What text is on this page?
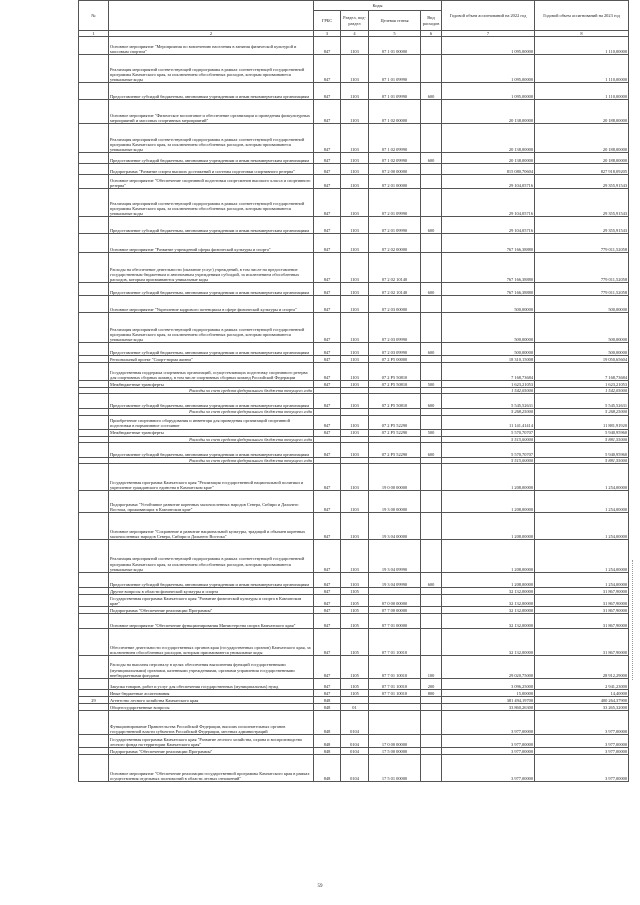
№		Коды				Годовой объем ассигнований на 2022 год	Годовой объем ассигнований на 2023 год
		ГРБС	Раздел, под-раздел	Целевая статья	Вид расходов		
1	2	3	4	5	6	7	8
	Основное мероприятие "Мероприятия по вовлечению населения в занятия физической культурой и массовым спортом"	847	1103	07 1 01 00000		1 095,00000	1 110,00000
	Реализация мероприятий соответствующей подпрограммы в рамках соответствующей государственной программы Камчатского края, за исключением обособленных расходов, которым присваиваются уникальные коды	847	1103	07 1 01 09990		1 095,00000	1 110,00000
	Предоставление субсидий бюджетным, автономным учреждениям и иным некоммерческим организациям	847	1103	07 1 01 09990	600	1 095,00000	1 110,00000
	Основное мероприятие "Физическое воспитание и обеспечение организации и проведения физкультурных мероприятий и массовых спортивных мероприятий"	847	1103	07 1 02 00000		20 138,00000	20 188,00000
	Реализация мероприятий соответствующей подпрограммы в рамках соответствующей государственной программы Камчатского края, за исключением обособленных расходов, которым присваиваются уникальные коды	847	1103	07 1 02 09990		20 138,00000	20 188,00000
	Предоставление субсидий бюджетным, автономным учреждениям и иным некоммерческим организациям	847	1103	07 1 02 09990	600	20 138,00000	20 188,00000
	Подпрограмма "Развитие спорта высших достижений и системы подготовки спортивного резерва"	847	1103	07 2 00 00000		815 080,70604	827 918,09205
	Основное мероприятие "Обеспечение спортивной подготовки спортсменов высокого класса и спортивного резерва"	847	1103	07 2 01 00000		29 104,05716	29 355,91543
	Реализация мероприятий соответствующей подпрограммы в рамках соответствующей государственной программы Камчатского края, за исключением обособленных расходов, которым присваиваются уникальные коды	847	1103	07 2 01 09990		29 104,05716	29 355,91543
	Предоставление субсидий бюджетным, автономным учреждениям и иным некоммерческим организациям	847	1103	07 2 01 09990	600	29 104,05716	29 355,91543
	Основное мероприятие "Развитие учреждений сферы физической культуры и спорта"	847	1103	07 2 02 00000		767 166,38880	779 011,52058
	Расходы на обеспечение деятельности (оказание услуг) учреждений, в том числе на предоставление государственным бюджетным и автономным учреждениям субсидий, за исключением обособленных расходов, которым присваиваются уникальные коды	847	1103	07 2 02 10140		767 166,38880	779 011,52058
	Предоставление субсидий бюджетным, автономным учреждениям и иным некоммерческим организациям	847	1103	07 2 02 10140	600	767 166,38880	779 011,52058
	Основное мероприятие "Укрепление кадрового потенциала в сфере физической культуры и спорта"	847	1103	07 2 03 00000		500,00000	500,00000
	Реализация мероприятий соответствующей подпрограммы в рамках соответствующей государственной программы Камчатского края, за исключением обособленных расходов, которым присваиваются уникальные коды	847	1103	07 2 03 09990		500,00000	500,00000
	Предоставление субсидий бюджетным, автономным учреждениям и иным некоммерческим организациям	847	1103	07 2 03 09990	600	500,00000	500,00000
	Региональный проект "Спорт-норма жизни"	847	1103	07 2 P5 00000		18 310,15008	19 050,65604
	Государственная поддержка спортивных организаций, осуществляющих подготовку спортивного резерва для спортивных сборных команд, в том числе спортивных сборных команд Российской Федерации	847	1103	07 2 P5 50810		7 168,73684	7 168,73684
	Межбюджетные трансферты	847	1103	07 2 P5 50810	500	1 623,21053	1 623,21053
	Расходы за счет средств федерального бюджета текущего года					1 542,05000	1 542,05000
	Предоставление субсидий бюджетным, автономным учреждениям и иным некоммерческим организациям	847	1103	07 2 P5 50810	600	5 545,52631	5 545,52631
	Расходы за счет средств федерального бюджета текущего года					5 268,25000	5 268,25000
	Приобретение спортивного оборудования и инвентаря для приведения организаций спортивной подготовки в нормативное состояние	847	1103	07 2 P5 52290		11 141,41414	11 881,91920
	Межбюджетные трансферты	847	1103	07 2 P5 52290	500	5 570,70707	5 940,95960
	Расходы за счет средств федерального бюджета текущего года					5 515,00000	5 881,55000
	Предоставление субсидий бюджетным, автономным учреждениям и иным некоммерческим организациям	847	1103	07 2 P5 52290	600	5 570,70707	5 940,95960
	Расходы за счет средств федерального бюджета текущего года					5 515,00000	5 881,55000
	Государственная программа Камчатского края "Реализация государственной национальной политики и укрепление гражданского единства в Камчатском крае"	847	1103	19 0 00 00000		1 208,00000	1 254,00000
	Подпрограмма "Устойчивое развитие коренных малочисленных народов Севера, Сибири и Дальнего Востока, проживающих в Камчатском крае"	847	1103	19 3 00 00000		1 208,00000	1 254,00000
	Основное мероприятие "Сохранение и развитие национальной культуры, традиций и обычаев коренных малочисленных народов Севера, Сибири и Дальнего Востока"	847	1103	19 3 04 00000		1 208,00000	1 254,00000
	Реализация мероприятий соответствующей подпрограммы в рамках соответствующей государственной программы Камчатского края, за исключением обособленных расходов, которым присваиваются уникальные коды	847	1103	19 3 04 09990		1 208,00000	1 254,00000
	Предоставление субсидий бюджетным, автономным учреждениям и иным некоммерческим организациям	847	1103	19 3 04 09990	600	1 208,00000	1 254,00000
	Другие вопросы в области физической культуры и спорта	847	1105			32 132,00000	31 867,90000
	Государственная программа Камчатского края "Развитие физической культуры и спорта в Камчатском крае"	847	1105	07 0 00 00000		32 132,00000	31 867,90000
	Подпрограмма "Обеспечение реализации Программы"	847	1105	07 7 00 00000		32 132,00000	31 867,90000
	Основное мероприятие "Обеспечение функционирования Министерства спорта Камчатского края"	847	1105	07 7 01 00000		32 132,00000	31 867,90000
	Обеспечение деятельности государственных органов края (государственных органов) Камчатского края, за исключением обособленных расходов, которым присваиваются уникальные коды	847	1105	07 7 01 10010		32 132,00000	31 867,90000
	Расходы на выплаты персоналу в целях обеспечения выполнения функций государственными (муниципальными) органами, казенными учреждениями, органами управления государственными внебюджетными фондами	847	1105	07 7 01 10010	100	29 020,75000	28 912,29000
	Закупка товаров, работ и услуг для обеспечения государственных (муниципальных) нужд	847	1105	07 7 01 10010	200	3 096,25000	2 941,23000
	Иные бюджетные ассигнования	847	1105	07 7 01 10010	800	15,00000	14,40000
29	Агентство лесного хозяйства Камчатского края	848				381 494,19700	400 264,37900
	Общегосударственные вопросы	848	01			33 860,26300	33 265,32000
	Функционирование Правительства Российской Федерации, высших исполнительных органов государственной власти субъектов Российской Федерации, местных администраций	848	0104			3 977,00000	3 977,00000
	Государственная программа Камчатского края "Развитие лесного хозяйства, охрана и воспроизводство лесного фонда на территории Камчатского края"	848	0104	17 0 00 00000		3 977,00000	3 977,00000
	Подпрограмма "Обеспечение реализации Программы"	848	0104	17 5 00 00000		3 977,00000	3 977,00000
	Основное мероприятие "Обеспечение реализации государственной программы Камчатского края в рамках осуществления отдельных полномочий в области лесных отношений"	848	0104	17 5 01 00000		3 977,00000	3 977,00000
59
